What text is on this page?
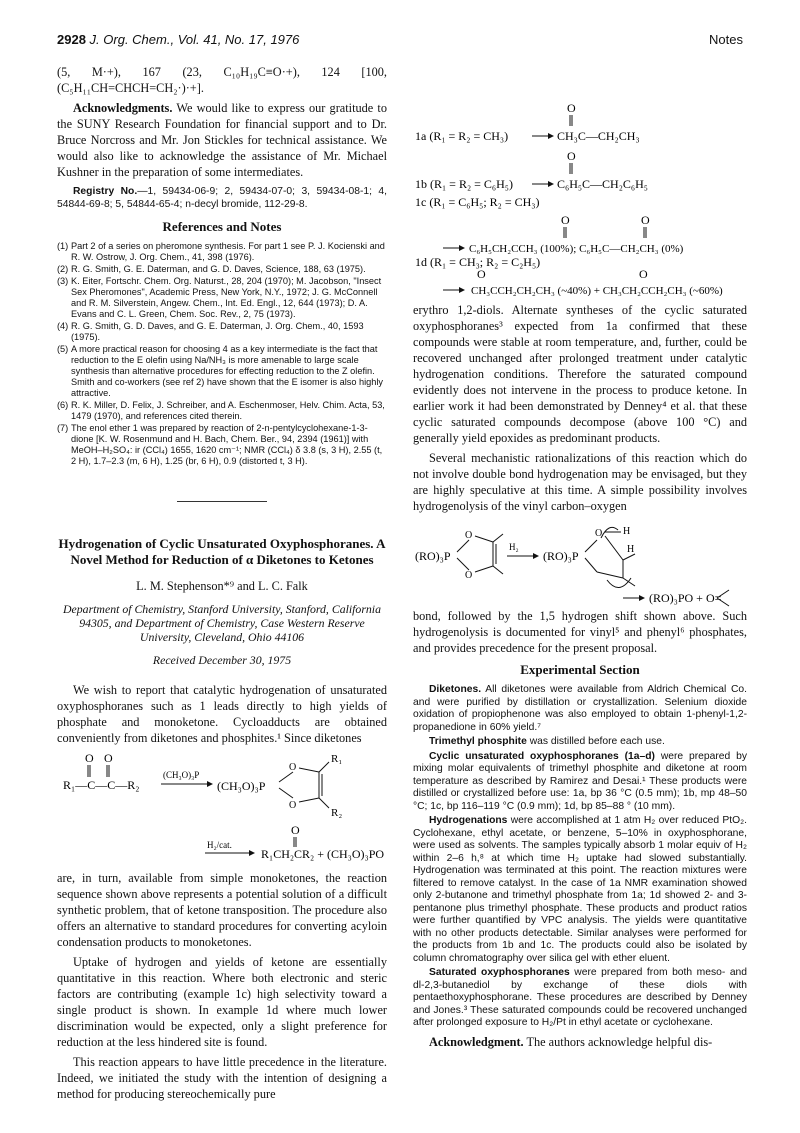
2928 J. Org. Chem., Vol. 41, No. 17, 1976	Notes

(5, M·+), 167 (23, C₁₀H₁₉C≡O·+), 124 [100, (C₅H₁₁CH=CHCH=CH₂·)·+].

Acknowledgments. We would like to express our gratitude to the SUNY Research Foundation for financial support and to Dr. Bruce Norcross and Mr. Jon Stickles for technical assistance. We would also like to acknowledge the assistance of Mr. Michael Kushner in the preparation of some intermediates.

Registry No.—1, 59434-06-9; 2, 59434-07-0; 3, 59434-08-1; 4, 54844-69-8; 5, 54844-65-4; n-decyl bromide, 112-29-8.

References and Notes
(1) Part 2 of a series on pheromone synthesis. For part 1 see P. J. Kocienski and R. W. Ostrow, J. Org. Chem., 41, 398 (1976).
(2) R. G. Smith, G. E. Daterman, and G. D. Daves, Science, 188, 63 (1975).
(3) K. Eiter, Fortschr. Chem. Org. Naturst., 28, 204 (1970); M. Jacobson, "Insect Sex Pheromones", Academic Press, New York, N.Y., 1972; J. G. McConnell and R. M. Silverstein, Angew. Chem., Int. Ed. Engl., 12, 644 (1973); D. A. Evans and C. L. Green, Chem. Soc. Rev., 2, 75 (1973).
(4) R. G. Smith, G. D. Daves, and G. E. Daterman, J. Org. Chem., 40, 1593 (1975).
(5) A more practical reason for choosing 4 as a key intermediate is the fact that reduction to the E olefin using Na/NH₃ is more amenable to large scale synthesis than alternative procedures for effecting reduction to the Z olefin. Smith and co-workers (see ref 2) have shown that the E isomer is also highly attractive.
(6) R. K. Miller, D. Felix, J. Schreiber, and A. Eschenmoser, Helv. Chim. Acta, 53, 1479 (1970), and references cited therein.
(7) The enol ether 1 was prepared by reaction of 2-n-pentylcyclohexane-1-3-dione [K. W. Rosenmund and H. Bach, Chem. Ber., 94, 2394 (1961)] with MeOH–H₂SO₄: ir (CCl₄) 1655, 1620 cm⁻¹; NMR (CCl₄) δ 3.8 (s, 3 H), 2.55 (t, 2 H), 1.7–2.3 (m, 6 H), 1.25 (br, 6 H), 0.9 (distorted t, 3 H).
Hydrogenation of Cyclic Unsaturated Oxyphosphoranes. A Novel Method for Reduction of α Diketones to Ketones
L. M. Stephenson*⁹ and L. C. Falk
Department of Chemistry, Stanford University, Stanford, California 94305, and Department of Chemistry, Case Western Reserve University, Cleveland, Ohio 44106
Received December 30, 1975

We wish to report that catalytic hydrogenation of unsaturated oxyphosphoranes such as 1 leads directly to high yields of phosphate and monoketone. Cycloadducts are obtained conveniently from diketones and phosphites.¹ Since diketones

O O
R₁—C—C—R₂
(CH₃O)₃P
(CH₃O)₃P
O
O
R₁
R₂
O
H₂/cat.
R₁CH₂CR₂ + (CH₃O)₃PO

are, in turn, available from simple monoketones, the reaction sequence shown above represents a potential solution of a difficult synthetic problem, that of ketone transposition. The procedure also offers an alternative to standard procedures for converting acyloin condensation products to monoketones.

Uptake of hydrogen and yields of ketone are essentially quantitative in this reaction. Where both electronic and steric factors are contributing (example 1c) high selectivity toward a single product is shown. In example 1d where much lower discrimination would be expected, only a slight preference for reduction at the less hindered site is found.

This reaction appears to have little precedence in the literature. Indeed, we initiated the study with the intention of designing a method for producing stereochemically pure

O
1a (R₁ = R₂ = CH₃)	CH₃C—CH₂CH₃
O
1b (R₁ = R₂ = C₆H₅)	C₆H₅C—CH₂C₆H₅
1c (R₁ = C₆H₅; R₂ = CH₃)
O	O
C₆H₅CH₂CCH₃ (100%); C₆H₅C—CH₂CH₃ (0%)
1d (R₁ = CH₃; R₂ = C₂H₅)
O	O
CH₃CCH₂CH₂CH₃ (~40%) + CH₃CH₂CCH₂CH₃ (~60%)

erythro 1,2-diols. Alternate syntheses of the cyclic saturated oxyphosphoranes³ expected from 1a confirmed that these compounds were stable at room temperature, and, further, could be recovered unchanged after prolonged treatment under catalytic hydrogenation conditions. Therefore the saturated compound evidently does not intervene in the process to produce ketone. In earlier work it had been demonstrated by Denney⁴ et al. that these cyclic saturated compounds decompose (above 100 °C) and generally yield epoxides as predominant products.

Several mechanistic rationalizations of this reaction which do not involve double bond hydrogenation may be envisaged, but they are highly speculative at this time. A simple possibility involves hydrogenolysis of the vinyl carbon–oxygen

(RO)₃P
O
O
H₂
(RO)₃P
O H
H
(RO)₃PO + O=

bond, followed by the 1,5 hydrogen shift shown above. Such hydrogenolysis is documented for vinyl⁵ and phenyl⁶ phosphates, and provides precedence for the present proposal.

Experimental Section

Diketones. All diketones were available from Aldrich Chemical Co. and were purified by distillation or crystallization. Selenium dioxide oxidation of propiophenone was also employed to obtain 1-phenyl-1,2-propanedione in 60% yield.⁷

Trimethyl phosphite was distilled before each use.

Cyclic unsaturated oxyphosphoranes (1a–d) were prepared by mixing molar equivalents of trimethyl phosphite and diketone at room temperature as described by Ramirez and Desai.¹ These products were distilled or crystallized before use: 1a, bp 36 °C (0.5 mm); 1b, mp 48–50 °C; 1c, bp 116–119 °C (0.9 mm); 1d, bp 85–88 ° (10 mm).

Hydrogenations were accomplished at 1 atm H₂ over reduced PtO₂. Cyclohexane, ethyl acetate, or benzene, 5–10% in oxyphosphorane, were used as solvents. The samples typically absorb 1 molar equiv of H₂ within 2–6 h,⁸ at which time H₂ uptake had slowed substantially. Hydrogenation was terminated at this point. The reaction mixtures were filtered to remove catalyst. In the case of 1a NMR examination showed only 2-butanone and trimethyl phosphate from 1a; 1d showed 2- and 3-pentanone plus trimethyl phosphate. These products and product ratios were further quantified by VPC analysis. The yields were quantitative with no other products detectable. Similar analyses were performed for the products from 1b and 1c. The products could also be isolated by column chromatography over silica gel with ether eluent.

Saturated oxyphosphoranes were prepared from both meso- and dl-2,3-butanediol by exchange of these diols with pentaethoxyphosphorane. These procedures are described by Denney and Jones.³ These saturated compounds could be recovered unchanged after prolonged exposure to H₂/Pt in ethyl acetate or cyclohexane.

Acknowledgment. The authors acknowledge helpful dis-
